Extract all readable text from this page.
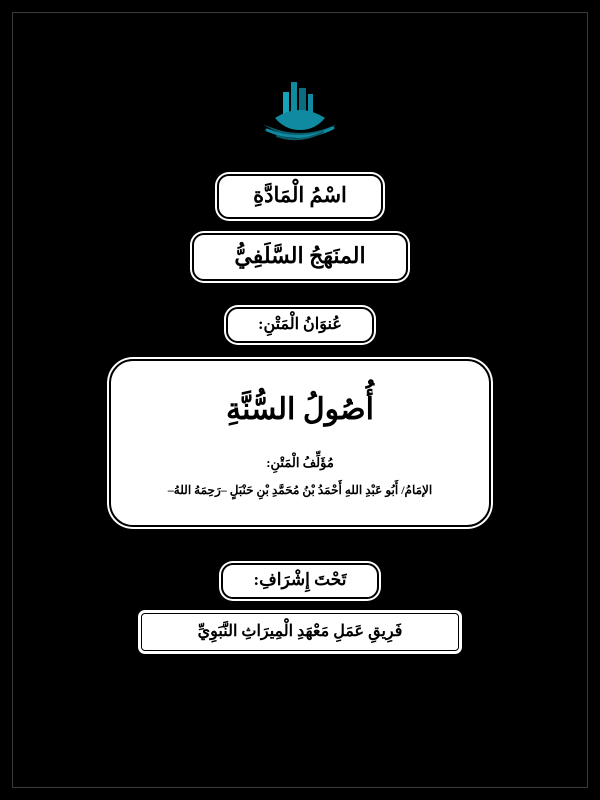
اسْمُ الْمَادَّةِ
المنَهَجُ السَّلَفِيُّ
عُنوَانُ الْمَتْنِ:
أُصُولُ السُّنَّةِ
مُؤَلِّفُ الْمَتْنِ:
الإمَامُ/ أَبُو عَبْدِ اللهِ أَحْمَدُ بْنُ مُحَمَّدِ بْنِ حَنْبَلٍ –رَحِمَهُ اللهُ–
تَحْتَ إِشْرَافِ:
فَرِيقِ عَمَلِ مَعْهَدِ الْمِيرَاثِ النَّبَوِيِّ
